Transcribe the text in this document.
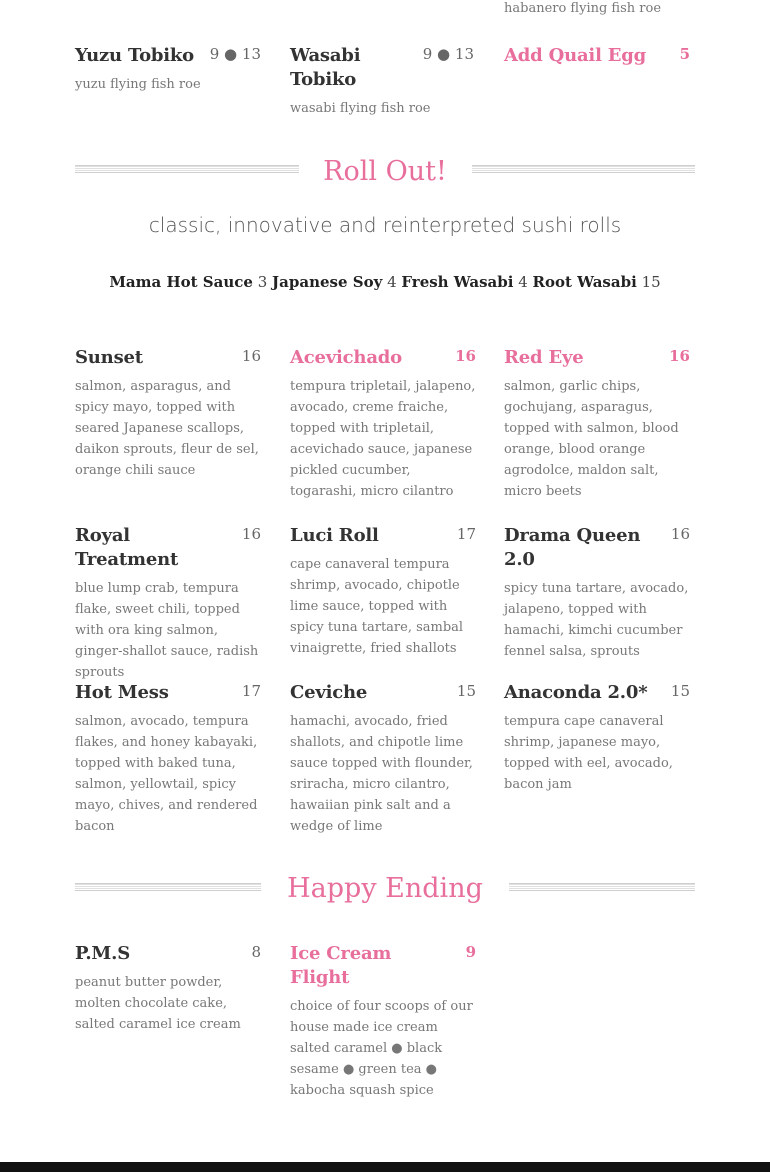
habanero flying fish roe
Yuzu Tobiko	9 ● 13
yuzu flying fish roe
Wasabi Tobiko
9 ● 13
wasabi flying fish roe
Add Quail Egg	5
Roll Out!
classic, innovative and reinterpreted sushi rolls
Mama Hot Sauce 3 Japanese Soy 4 Fresh Wasabi 4 Root Wasabi 15
Sunset	16
salmon, asparagus, and spicy mayo, topped with seared Japanese scallops, daikon sprouts, fleur de sel, orange chili sauce
Acevichado	16
tempura tripletail, jalapeno, avocado, creme fraiche, topped with tripletail, acevichado sauce, japanese pickled cucumber, togarashi, micro cilantro
Red Eye	16
salmon, garlic chips, gochujang, asparagus, topped with salmon, blood orange, blood orange agrodolce, maldon salt, micro beets
Royal Treatment
16
blue lump crab, tempura flake, sweet chili, topped with ora king salmon, ginger-shallot sauce, radish sprouts
Luci Roll	17
cape canaveral tempura shrimp, avocado, chipotle lime sauce, topped with spicy tuna tartare, sambal vinaigrette, fried shallots
Drama Queen 2.0
16
spicy tuna tartare, avocado, jalapeno, topped with hamachi, kimchi cucumber fennel salsa, sprouts
Hot Mess	17
salmon, avocado, tempura flakes, and honey kabayaki, topped with baked tuna, salmon, yellowtail, spicy mayo, chives, and rendered bacon
Ceviche	15
hamachi, avocado, fried shallots, and chipotle lime sauce topped with flounder, sriracha, micro cilantro, hawaiian pink salt and a wedge of lime
Anaconda 2.0*	15
tempura cape canaveral shrimp, japanese mayo, topped with eel, avocado, bacon jam
Happy Ending
P.M.S	8
peanut butter powder, molten chocolate cake, salted caramel ice cream
Ice Cream Flight
9
choice of four scoops of our house made ice cream salted caramel ● black sesame ● green tea ● kabocha squash spice
